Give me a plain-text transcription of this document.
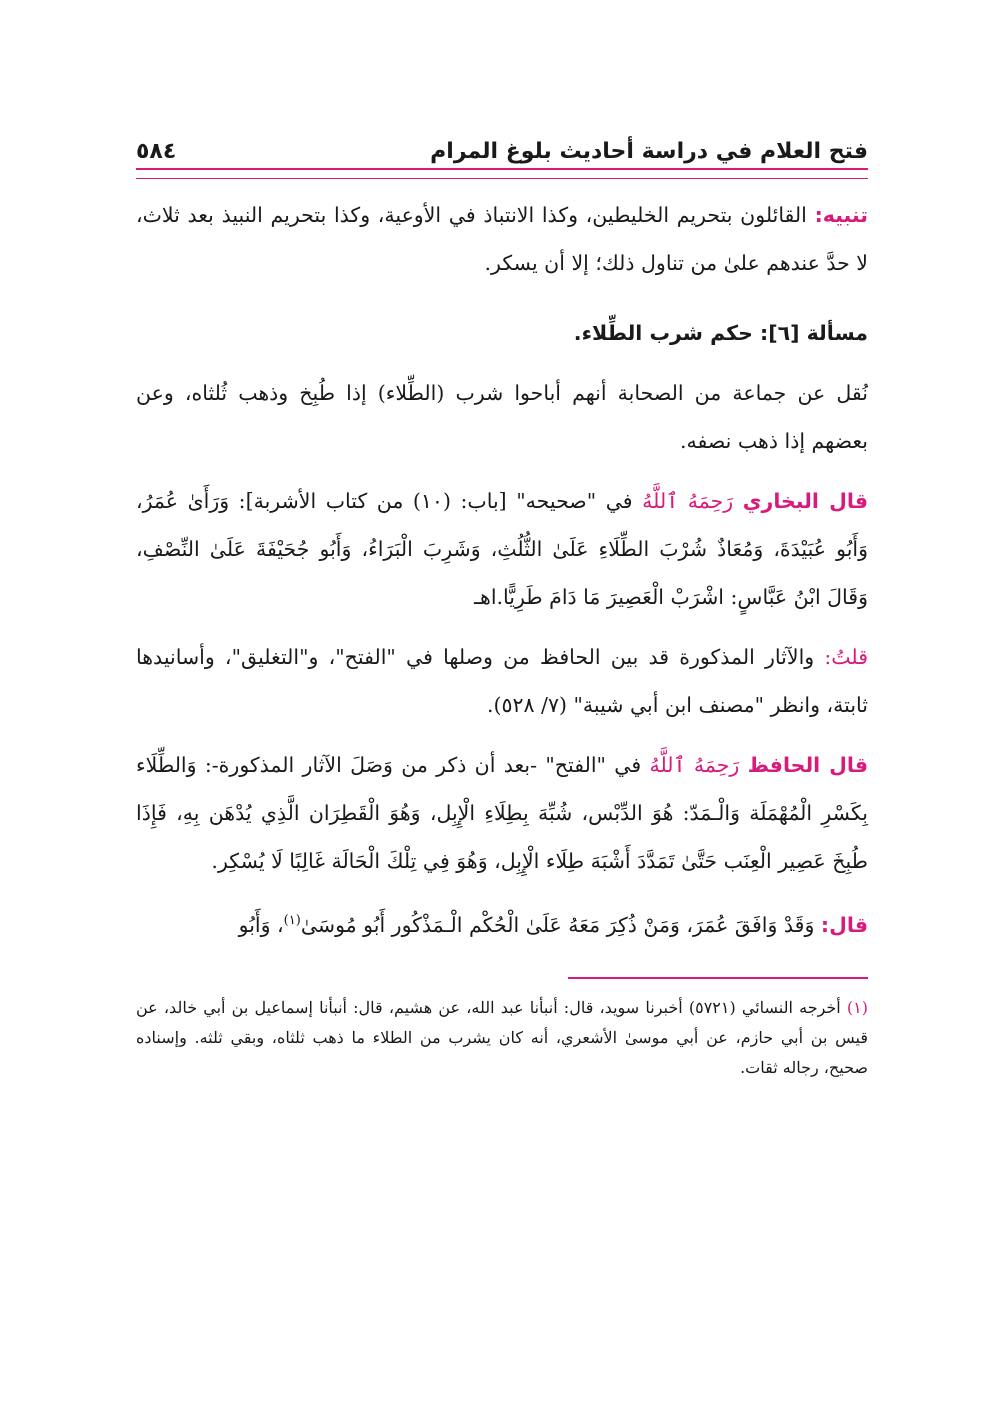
فتح العلام في دراسة أحاديث بلوغ المرام
٥٨٤

تنبيه: القائلون بتحريم الخليطين، وكذا الانتباذ في الأوعية، وكذا بتحريم النبيذ بعد ثلاث، لا حدَّ عندهم علىٰ من تناول ذلك؛ إلا أن يسكر.

مسألة [٦]: حكم شرب الطِّلاء.

نُقل عن جماعة من الصحابة أنهم أباحوا شرب (الطِّلاء) إذا طُبِخ وذهب ثُلثاه، وعن بعضهم إذا ذهب نصفه.

قال البخاري رَحِمَهُ ٱللَّهُ في "صحيحه" [باب: (١٠) من كتاب الأشربة]: وَرَأَىٰ عُمَرُ، وَأَبُو عُبَيْدَةَ، وَمُعَاذٌ شُرْبَ الطِّلَاءِ عَلَىٰ الثُّلُثِ، وَشَرِبَ الْبَرَاءُ، وَأَبُو جُحَيْفَةَ عَلَىٰ النِّصْفِ، وَقَالَ ابْنُ عَبَّاسٍ: اشْرَبْ الْعَصِيرَ مَا دَامَ طَرِيًّا.اهـ

قلتُ: والآثار المذكورة قد بين الحافظ من وصلها في "الفتح"، و"التغليق"، وأسانيدها ثابتة، وانظر "مصنف ابن أبي شيبة" (٧/ ٥٢٨).

قال الحافظ رَحِمَهُ ٱللَّهُ في "الفتح" -بعد أن ذكر من وَصَلَ الآثار المذكورة-: وَالطِّلَاء بِكَسْرِ الْمُهْمَلَة وَالْـمَدّ: هُوَ الدِّبْس، شُبِّهَ بِطِلَاءِ الْإِبِل، وَهُوَ الْقَطِرَان الَّذِي يُدْهَن بِهِ، فَإِذَا طُبِخَ عَصِير الْعِنَب حَتَّىٰ تَمَدَّدَ أَشْبَهَ طِلَاء الْإِبِل، وَهُوَ فِي تِلْكَ الْحَالَة غَالِبًا لَا يُسْكِر.

قال: وَقَدْ وَافَقَ عُمَرَ، وَمَنْ ذُكِرَ مَعَهُ عَلَىٰ الْحُكْم الْـمَذْكُور أَبُو مُوسَىٰ$^{(١)}$، وَأَبُو

(١) أخرجه النسائي (٥٧٢١) أخبرنا سويد، قال: أنبأنا عبد الله، عن هشيم، قال: أنبأنا إسماعيل بن أبي خالد، عن قيس بن أبي حازم، عن أبي موسىٰ الأشعري، أنه كان يشرب من الطلاء ما ذهب ثلثاه، وبقي ثلثه. وإسناده صحيح، رجاله ثقات.
